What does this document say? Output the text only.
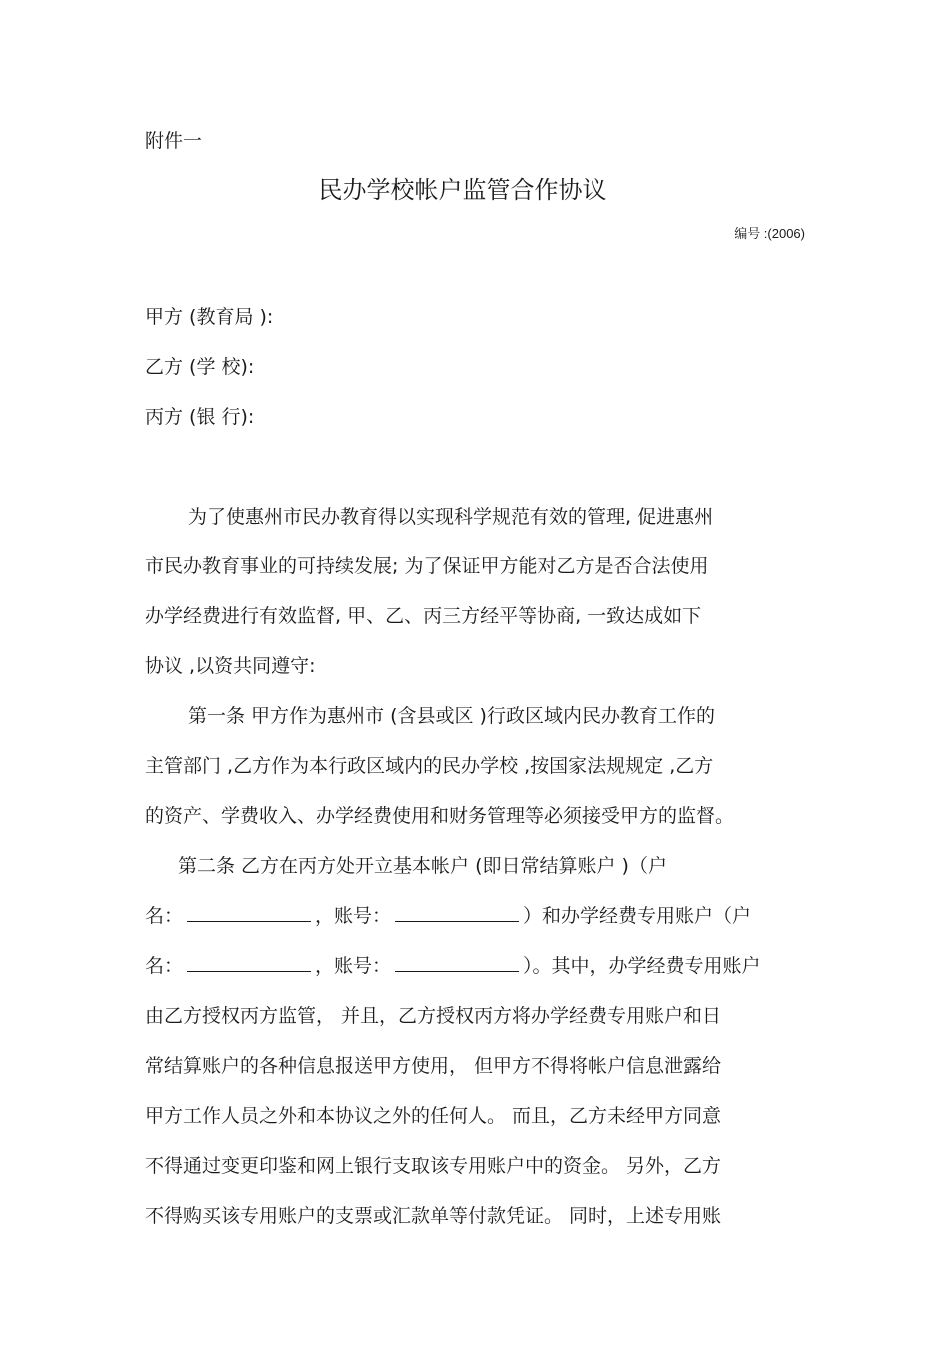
附件一
民办学校帐户监管合作协议
编号 :(2006)
甲方 (教育局 ):
乙方 (学 校):
丙方 (银 行):
为了使惠州市民办教育得以实现科学规范有效的管理, 促进惠州
市民办教育事业的可持续发展; 为了保证甲方能对乙方是否合法使用
办学经费进行有效监督, 甲、乙、丙三方经平等协商, 一致达成如下
协议 ,以资共同遵守:
第一条 甲方作为惠州市 (含县或区 )行政区域内民办教育工作的
主管部门 ,乙方作为本行政区域内的民办学校 ,按国家法规规定 ,乙方
的资产、学费收入、办学经费使用和财务管理等必须接受甲方的监督。
第二条 乙方在丙方处开立基本帐户 (即日常结算账户 )（户
名：	，账号：	）和办学经费专用账户（户
名：	，账号：	）。其中，办学经费专用账户
由乙方授权丙方监管， 并且，乙方授权丙方将办学经费专用账户和日
常结算账户的各种信息报送甲方使用， 但甲方不得将帐户信息泄露给
甲方工作人员之外和本协议之外的任何人。 而且，乙方未经甲方同意
不得通过变更印鉴和网上银行支取该专用账户中的资金。 另外，乙方
不得购买该专用账户的支票或汇款单等付款凭证。 同时，上述专用账
